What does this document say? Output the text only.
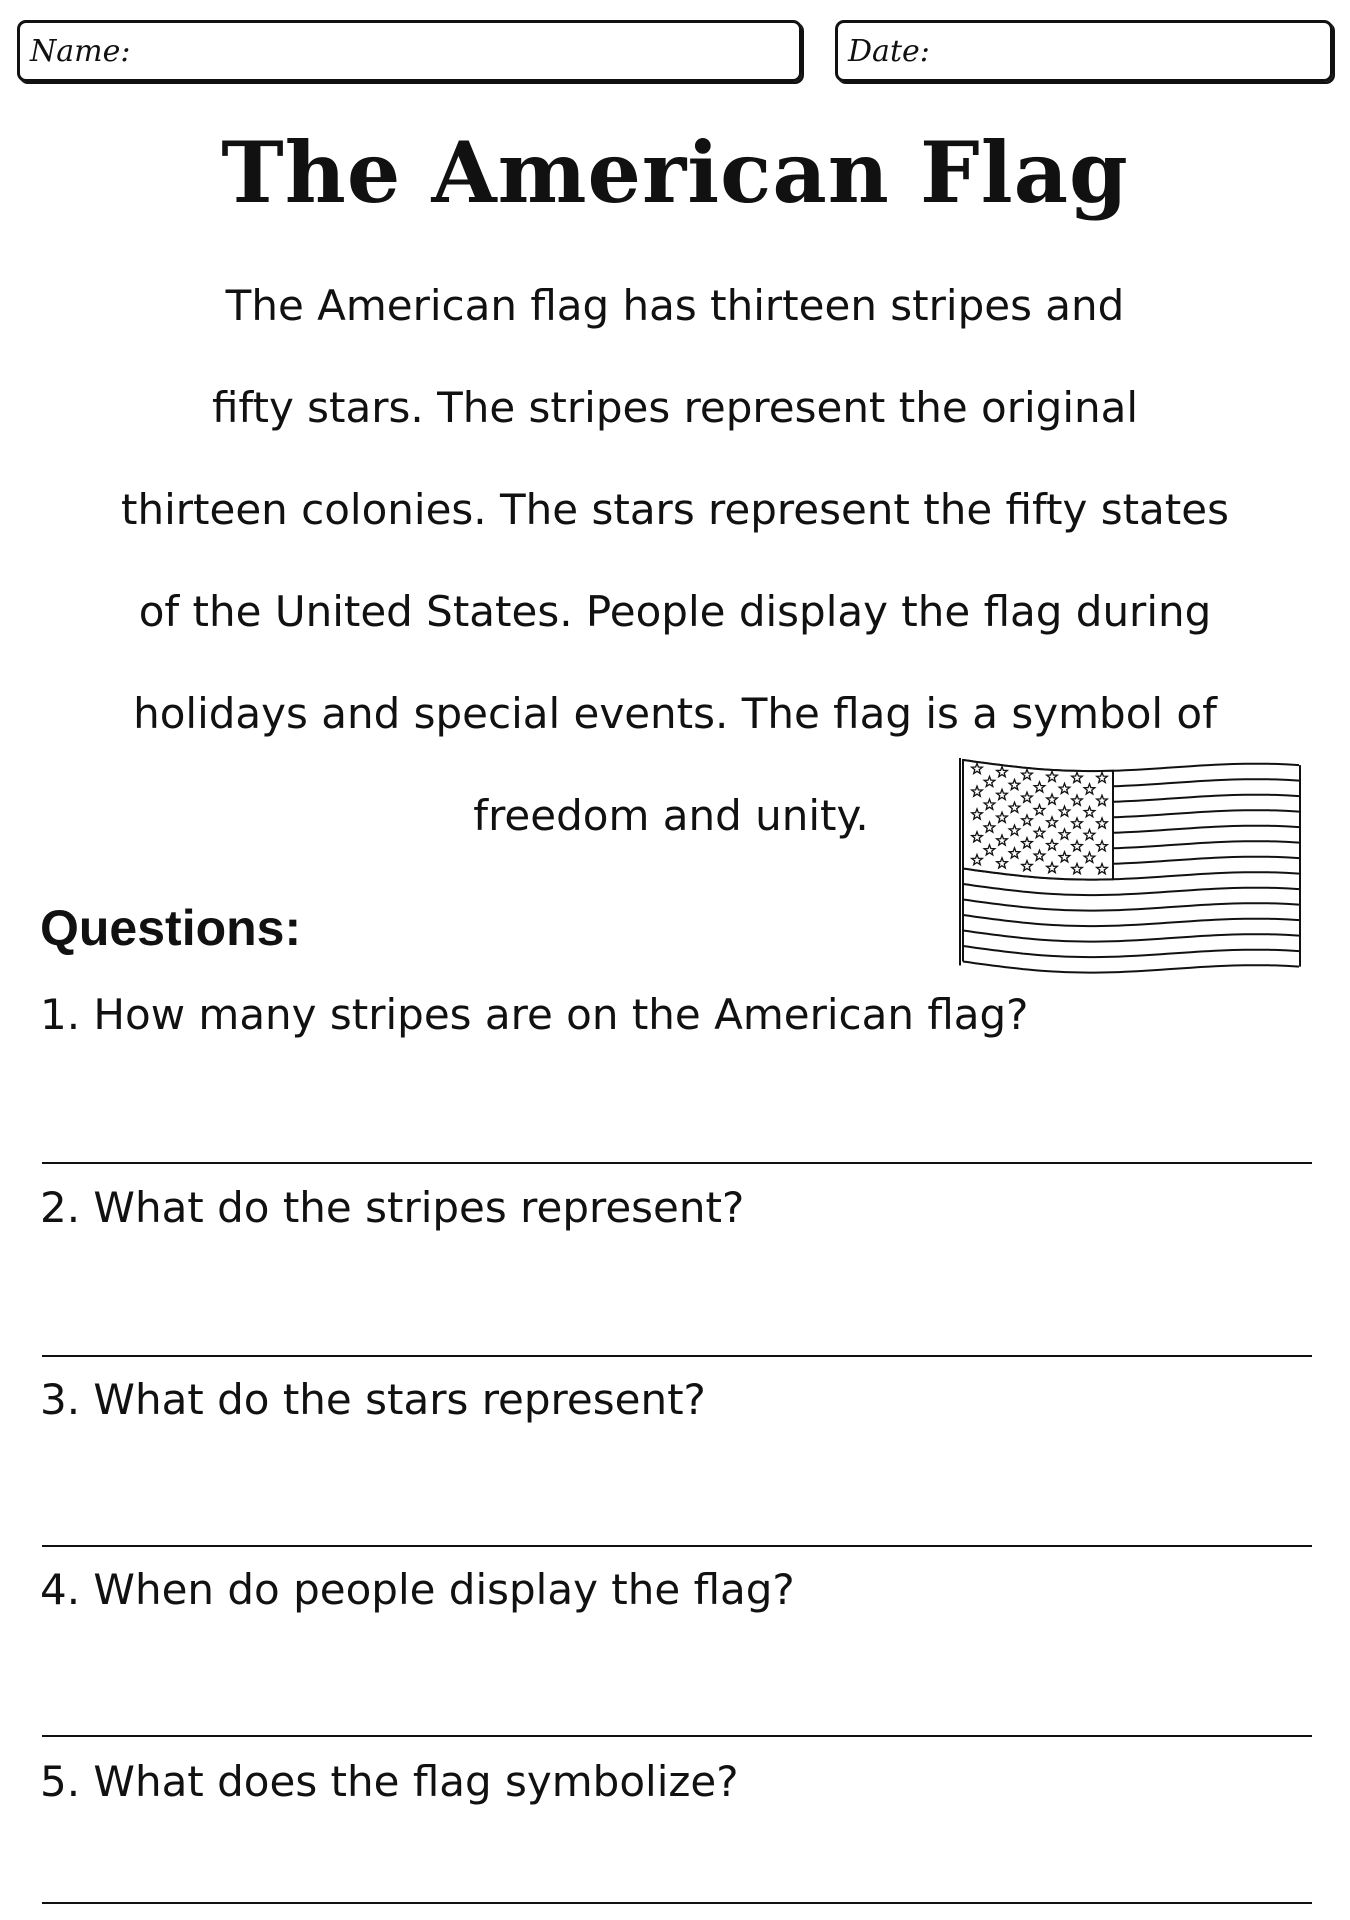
Name:	Date:
The American Flag
The American flag has thirteen stripes and
fifty stars. The stripes represent the original
thirteen colonies. The stars represent the fifty states
of the United States. People display the flag during
holidays and special events. The flag is a symbol of
freedom and unity.
Questions:

1. How many stripes are on the American flag?

2. What do the stripes represent?

3. What do the stars represent?

4. When do people display the flag?

5. What does the flag symbolize?
